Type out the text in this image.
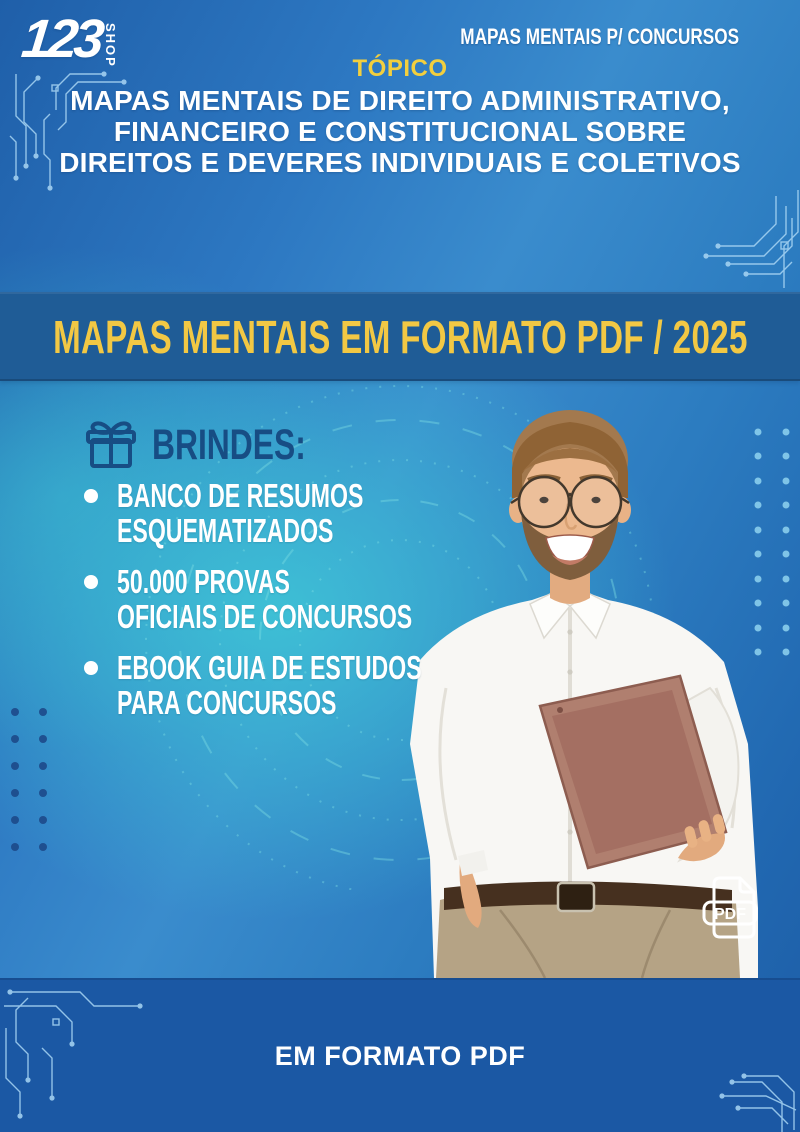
MAPAS MENTAIS EM FORMATO PDF / 2025
123 SHOP	MAPAS MENTAIS P/ CONCURSOS
TÓPICO
MAPAS MENTAIS DE DIREITO ADMINISTRATIVO,
FINANCEIRO E CONSTITUCIONAL SOBRE
DIREITOS E DEVERES INDIVIDUAIS E COLETIVOS
BRINDES:
BANCO DE RESUMOS
ESQUEMATIZADOS
50.000 PROVAS
OFICIAIS DE CONCURSOS
EBOOK GUIA DE ESTUDOS
PARA CONCURSOS
PDF
EM FORMATO PDF
